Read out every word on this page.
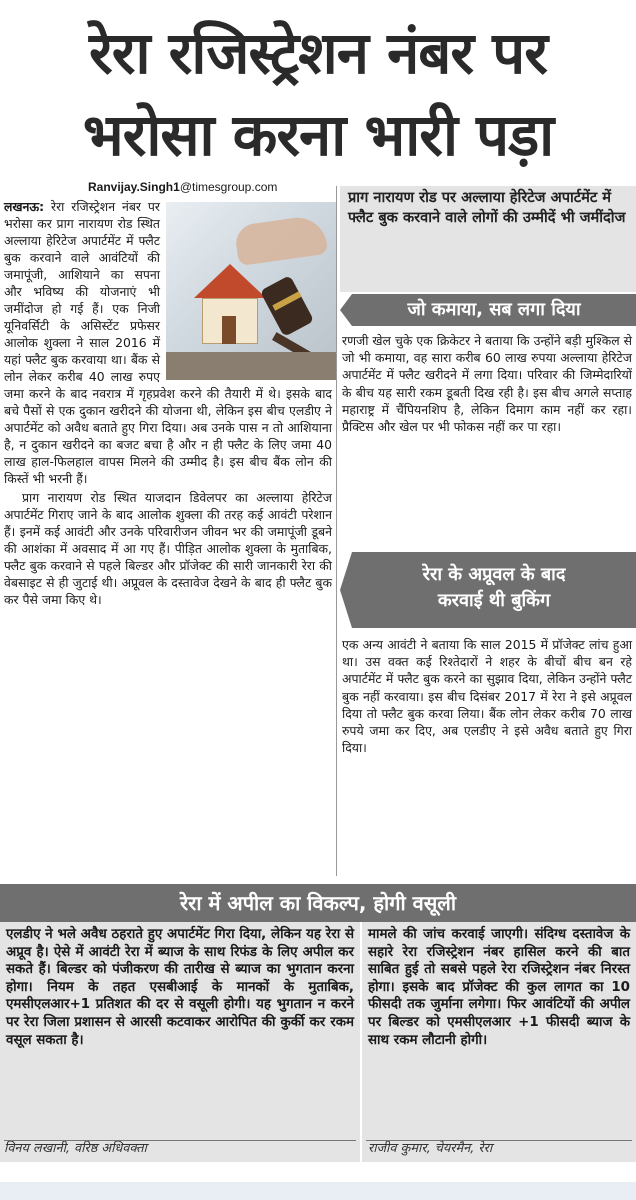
रेरा रजिस्ट्रेशन नंबर पर
भरोसा करना भारी पड़ा
Ranvijay.Singh1@timesgroup.com

लखनऊ: रेरा रजिस्ट्रेशन नंबर पर भरोसा कर प्राग नारायण रोड स्थित अल्लाया हेरिटेज अपार्टमेंट में फ्लैट बुक करवाने वाले आवंटियों की जमापूंजी, आशियाने का सपना और भविष्य की योजनाएं भी जमींदोज हो गई हैं। एक निजी यूनिवर्सिटी के असिस्टेंट प्रफेसर आलोक शुक्ला ने साल 2016 में यहां फ्लैट बुक करवाया था। बैंक से लोन लेकर करीब 40 लाख रुपए जमा करने के बाद नवरात्र में गृहप्रवेश करने की तैयारी में थे। इसके बाद बचे पैसों से एक दुकान खरीदने की योजना थी, लेकिन इस बीच एलडीए ने अपार्टमेंट को अवैध बताते हुए गिरा दिया। अब उनके पास न तो आशियाना है, न दुकान खरीदने का बजट बचा है और न ही फ्लैट के लिए जमा 40 लाख हाल-फिलहाल वापस मिलने की उम्मीद है। इस बीच बैंक लोन की किस्तें भी भरनी हैं।

प्राग नारायण रोड स्थित याजदान डिवेलपर का अल्लाया हेरिटेज अपार्टमेंट गिराए जाने के बाद आलोक शुक्ला की तरह कई आवंटी परेशान हैं। इनमें कई आवंटी और उनके परिवारीजन जीवन भर की जमापूंजी डूबने की आशंका में अवसाद में आ गए हैं। पीड़ित आलोक शुक्ला के मुताबिक, फ्लैट बुक करवाने से पहले बिल्डर और प्रॉजेक्ट की सारी जानकारी रेरा की वेबसाइट से ही जुटाई थी। अप्रूवल के दस्तावेज देखने के बाद ही फ्लैट बुक कर पैसे जमा किए थे।

प्राग नारायण रोड पर अल्लाया हेरिटेज अपार्टमेंट में फ्लैट बुक करवाने वाले लोगों की उम्मीदें भी जमींदोज
जो कमाया, सब लगा दिया
रणजी खेल चुके एक क्रिकेटर ने बताया कि उन्होंने बड़ी मुश्किल से जो भी कमाया, वह सारा करीब 60 लाख रुपया अल्लाया हेरिटेज अपार्टमेंट में फ्लैट खरीदने में लगा दिया। परिवार की जिम्मेदारियों के बीच यह सारी रकम डूबती दिख रही है। इस बीच अगले सप्ताह महाराष्ट्र में चैंपियनशिप है, लेकिन दिमाग काम नहीं कर रहा। प्रैक्टिस और खेल पर भी फोकस नहीं कर पा रहा।
रेरा के अप्रूवल के बाद
करवाई थी बुकिंग
एक अन्य आवंटी ने बताया कि साल 2015 में प्रॉजेक्ट लांच हुआ था। उस वक्त कई रिश्तेदारों ने शहर के बीचों बीच बन रहे अपार्टमेंट में फ्लैट बुक करने का सुझाव दिया, लेकिन उन्होंने फ्लैट बुक नहीं करवाया। इस बीच दिसंबर 2017 में रेरा ने इसे अप्रूवल दिया तो फ्लैट बुक करवा लिया। बैंक लोन लेकर करीब 70 लाख रुपये जमा कर दिए, अब एलडीए ने इसे अवैध बताते हुए गिरा दिया।
रेरा में अपील का विकल्प, होगी वसूली
एलडीए ने भले अवैध ठहराते हुए अपार्टमेंट गिरा दिया, लेकिन यह रेरा से अप्रूव है। ऐसे में आवंटी रेरा में ब्याज के साथ रिफंड के लिए अपील कर सकते हैं। बिल्डर को पंजीकरण की तारीख से ब्याज का भुगतान करना होगा। नियम के तहत एसबीआई के मानकों के मुताबिक, एमसीएलआर+1 प्रतिशत की दर से वसूली होगी। यह भुगतान न करने पर रेरा जिला प्रशासन से आरसी कटवाकर आरोपित की कुर्की कर रकम वसूल सकता है।
विनय लखानी, वरिष्ठ अधिवक्ता
मामले की जांच करवाई जाएगी। संदिग्ध दस्तावेज के सहारे रेरा रजिस्ट्रेशन नंबर हासिल करने की बात साबित हुई तो सबसे पहले रेरा रजिस्ट्रेशन नंबर निरस्त होगा। इसके बाद प्रॉजेक्ट की कुल लागत का 10 फीसदी तक जुर्माना लगेगा। फिर आवंटियों की अपील पर बिल्डर को एमसीएलआर +1 फीसदी ब्याज के साथ रकम लौटानी होगी।
राजीव कुमार, चेयरमैन, रेरा
